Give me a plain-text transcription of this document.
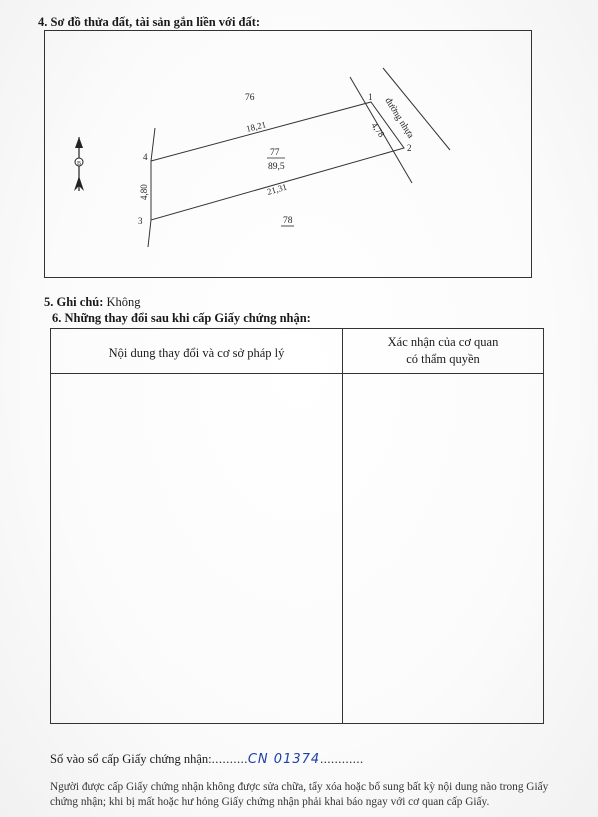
4. Sơ đồ thửa đất, tài sản gắn liền với đất:
B
đường nhựa
1
2
3
4
18,21	4,78
21,31
4,80
76
77
89,5
78
5. Ghi chú: Không
6. Những thay đổi sau khi cấp Giấy chứng nhận:
Nội dung thay đổi và cơ sở pháp lý
Xác nhận của cơ quan
có thẩm quyền
Số vào sổ cấp Giấy chứng nhận:..........CN 01374............
Người được cấp Giấy chứng nhận không được sửa chữa, tẩy xóa hoặc bổ sung bất kỳ nội dung nào trong Giấy chứng nhận; khi bị mất hoặc hư hỏng Giấy chứng nhận phải khai báo ngay với cơ quan cấp Giấy.
